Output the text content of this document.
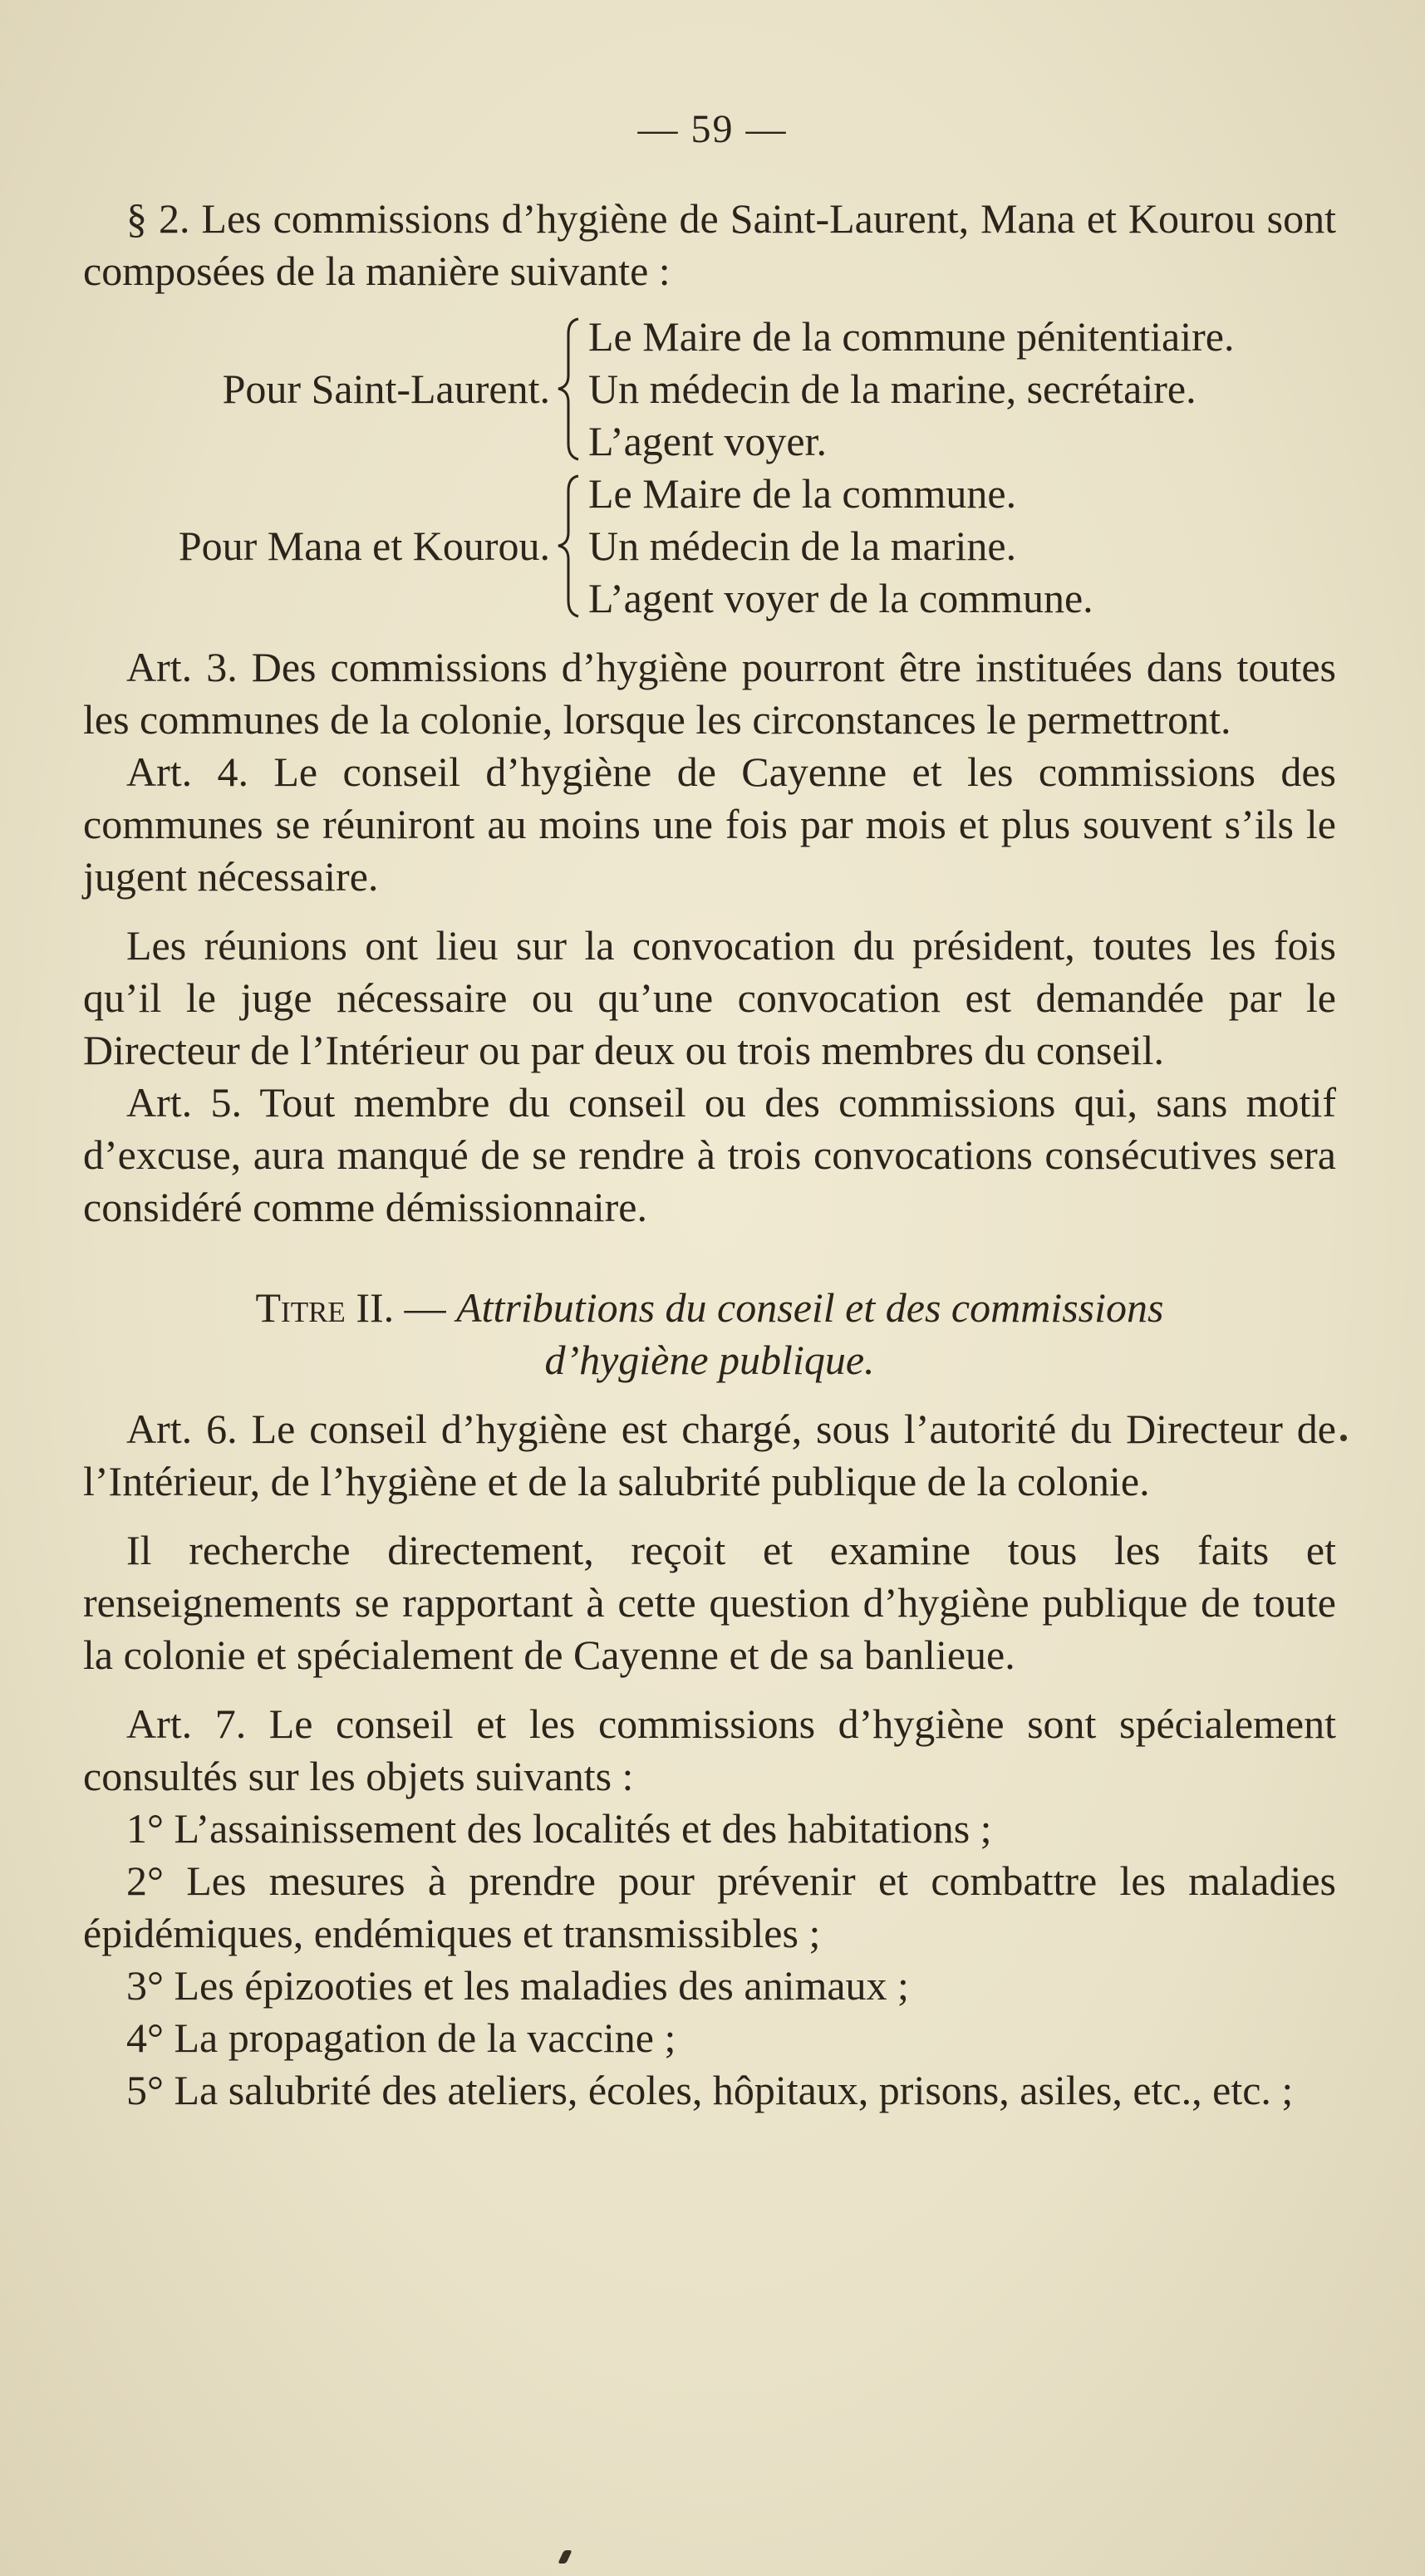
— 59 —

§ 2. Les commissions d’hygiène de Saint-Laurent, Mana et Kourou sont composées de la manière suivante :

Pour Saint-Laurent.
Le Maire de la commune pénitentiaire.
Un médecin de la marine, secrétaire.
L’agent voyer.
Pour Mana et Kourou.
Le Maire de la commune.
Un médecin de la marine.
L’agent voyer de la commune.

Art. 3. Des commissions d’hygiène pourront être instituées dans toutes les communes de la colonie, lorsque les circonstances le permettront.

Art. 4. Le conseil d’hygiène de Cayenne et les commissions des communes se réuniront au moins une fois par mois et plus souvent s’ils le jugent nécessaire.

Les réunions ont lieu sur la convocation du président, toutes les fois qu’il le juge nécessaire ou qu’une convocation est demandée par le Directeur de l’Intérieur ou par deux ou trois membres du conseil.

Art. 5. Tout membre du conseil ou des commissions qui, sans motif d’excuse, aura manqué de se rendre à trois convocations consécutives sera considéré comme démissionnaire.

Titre II. — Attributions du conseil et des commissions
d’hygiène publique.

Art. 6. Le conseil d’hygiène est chargé, sous l’autorité du Directeur de l’Intérieur, de l’hygiène et de la salubrité publique de la colonie.

Il recherche directement, reçoit et examine tous les faits et renseignements se rapportant à cette question d’hygiène publique de toute la colonie et spécialement de Cayenne et de sa banlieue.

Art. 7. Le conseil et les commissions d’hygiène sont spécialement consultés sur les objets suivants :

1° L’assainissement des localités et des habitations ;

2° Les mesures à prendre pour prévenir et combattre les maladies épidémiques, endémiques et transmissibles ;

3° Les épizooties et les maladies des animaux ;

4° La propagation de la vaccine ;

5° La salubrité des ateliers, écoles, hôpitaux, prisons, asiles, etc., etc. ;
